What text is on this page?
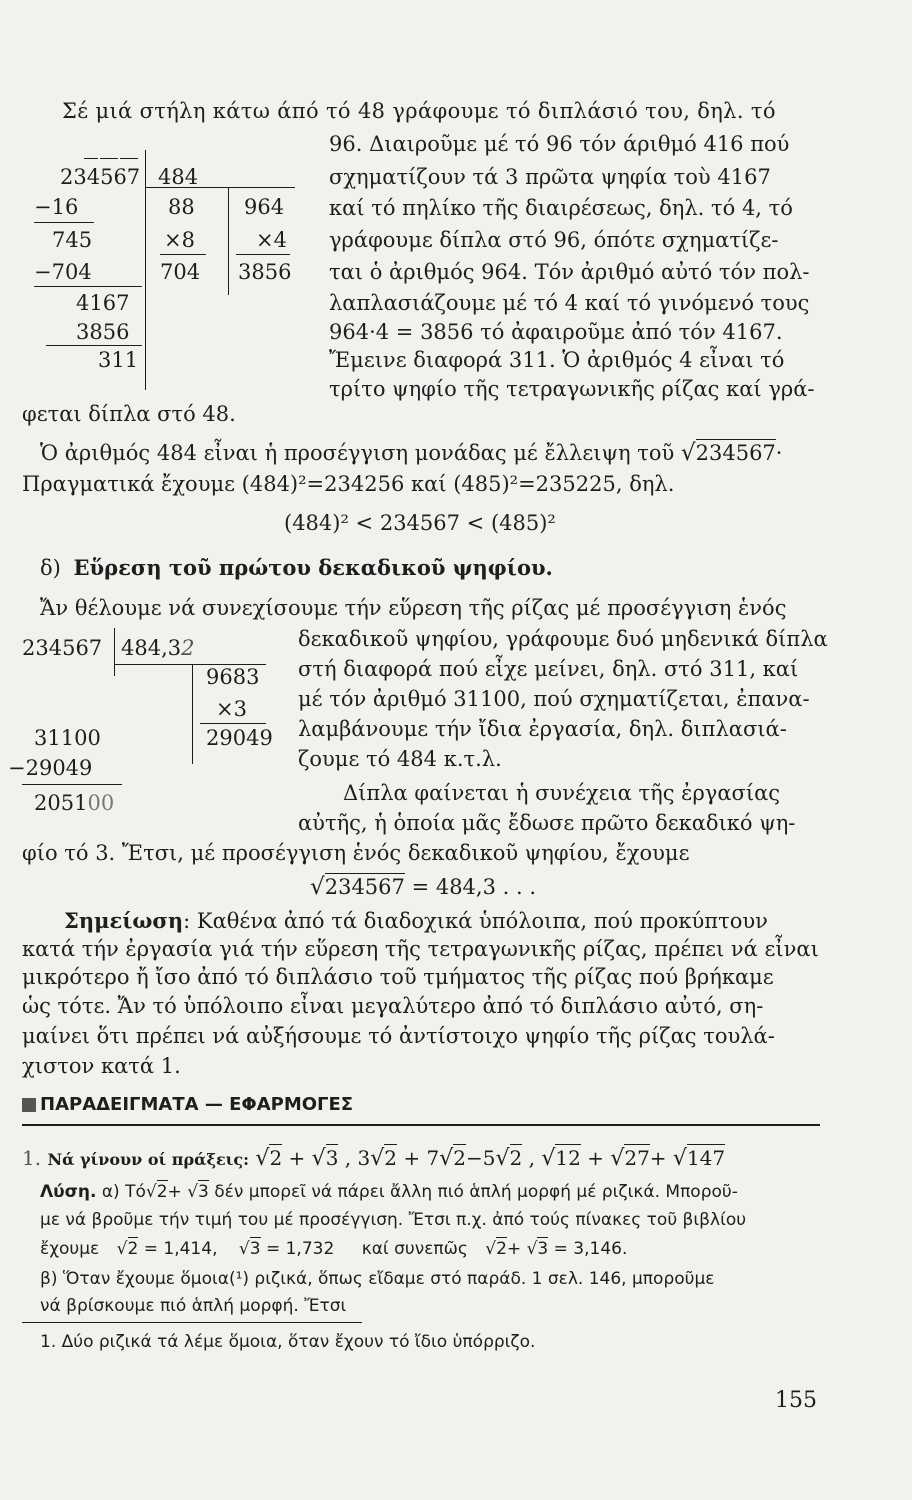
Σέ μιά στήλη κάτω άπό τό 48 γράφουμε τό διπλάσιό του, δηλ. τό
96. Διαιροῦμε μέ τό 96 τόν άριθμό 416 πού
σχηματίζουν τά 3 πρῶτα ψηφία τοὺ 4167
καί τό πηλίκο τῆς διαιρέσεως, δηλ. τό 4, τό
γράφουμε δίπλα στό 96, όπότε σχηματίζε-
ται ὁ ἀριθμός 964. Τόν ἀριθμό αὐτό τόν πολ-
λαπλασιάζουμε μέ τό 4 καί τό γινόμενό τους
964·4 = 3856 τό ἀφαιροῦμε ἀπό τόν 4167.
Ἔμεινε διαφορά 311. Ὁ ἀριθμός 4 εἶναι τό
τρίτο ψηφίο τῆς τετραγωνικῆς ρίζας καί γρά-
φεται δίπλα στό 48.
234567
−16
745
−704
4167
3856
311
484
88
×8
704
964
×4
3856
Ὁ ἀριθμός 484 εἶναι ἡ προσέγγιση μονάδας μέ ἔλλειψη τοῦ √234567·
Πραγματικά ἔχουμε (484)²=234256 καί (485)²=235225, δηλ.
(484)² < 234567 < (485)²
δ) Εὕρεση τοῦ πρώτου δεκαδικοῦ ψηφίου.
Ἄν θέλουμε νά συνεχίσουμε τήν εὕρεση τῆς ρίζας μέ προσέγγιση ἑνός
δεκαδικοῦ ψηφίου, γράφουμε δυό μηδενικά δίπλα
στή διαφορά πού εἶχε μείνει, δηλ. στό 311, καί
μέ τόν ἀριθμό 31100, πού σχηματίζεται, ἐπανα-
λαμβάνουμε τήν ἴδια ἐργασία, δηλ. διπλασιά-
ζουμε τό 484 κ.τ.λ.
Δίπλα φαίνεται ἡ συνέχεια τῆς ἐργασίας
αὐτῆς, ἡ ὁποία μᾶς ἔδωσε πρῶτο δεκαδικό ψη-
φίο τό 3. Ἔτσι, μέ προσέγγιση ἑνός δεκαδικοῦ ψηφίου, ἔχουμε
√234567 = 484,3 . . .
234567 484,32
9683
×3
29049
31100
−29049
205100
Σημείωση: Καθένα ἀπό τά διαδοχικά ὑπόλοιπα, πού προκύπτουν
κατά τήν ἐργασία γιά τήν εὕρεση τῆς τετραγωνικῆς ρίζας, πρέπει νά εἶναι
μικρότερο ἤ ἴσο ἀπό τό διπλάσιο τοῦ τμήματος τῆς ρίζας πού βρήκαμε
ὡς τότε. Ἄν τό ὑπόλοιπο εἶναι μεγαλύτερο ἀπό τό διπλάσιο αὐτό, ση-
μαίνει ὅτι πρέπει νά αὐξήσουμε τό ἀντίστοιχο ψηφίο τῆς ρίζας τουλά-
χιστον κατά 1.
ΠΑΡΑΔΕΙΓΜΑΤΑ — ΕΦΑΡΜΟΓΕΣ
1. Νά γίνουν οί πράξεις: √2 + √3 , 3√2 + 7√2−5√2 , √12 + √27+ √147
Λύση. α) Τό√2+ √3 δέν μπορεῖ νά πάρει ἄλλη πιό ἁπλή μορφή μέ ριζικά. Μποροῦ-
με νά βροῦμε τήν τιμή του μέ προσέγγιση. Ἔτσι π.χ. ἀπό τούς πίνακες τοῦ βιβλίου
ἔχουμε √2 = 1,414, √3 = 1,732 καί συνεπῶς √2+ √3 = 3,146.
β) Ὅταν ἔχουμε ὅμοια(¹) ριζικά, ὅπως εἴδαμε στό παράδ. 1 σελ. 146, μποροῦμε
νά βρίσκουμε πιό ἁπλή μορφή. Ἔτσι
1. Δύο ριζικά τά λέμε ὅμοια, ὅταν ἔχουν τό ἴδιο ὑπόρριζο.
155
